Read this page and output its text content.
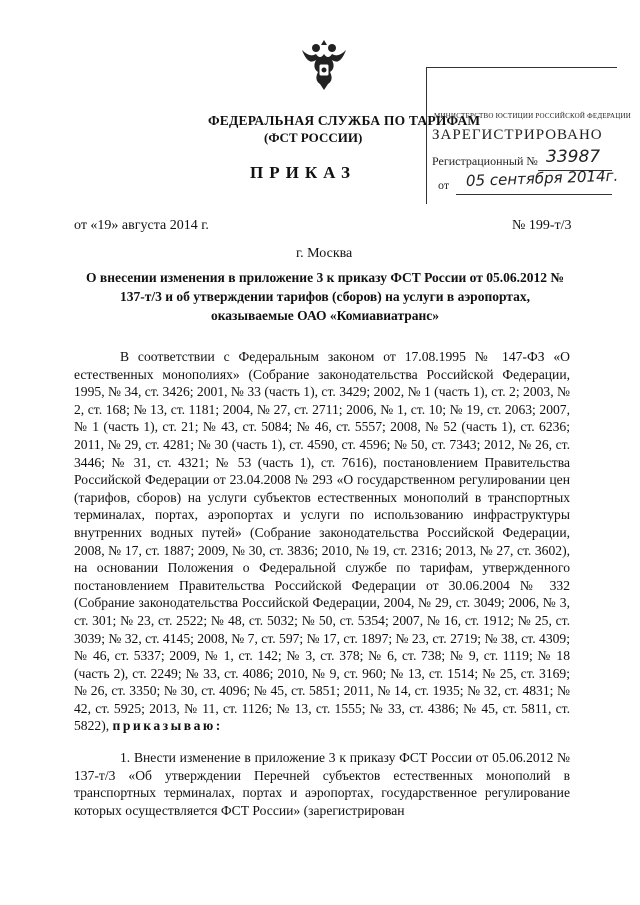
ФЕДЕРАЛЬНАЯ СЛУЖБА ПО ТАРИФАМ
(ФСТ РОССИИ)
ПРИКАЗ
МИНИСТЕРСТВО ЮСТИЦИИ РОССИЙСКОЙ ФЕДЕРАЦИИ
ЗАРЕГИСТРИРОВАНО
Регистрационный № 33987
от 05 сентября 2014г.
от «19» августа 2014 г.	№ 199-т/3
г. Москва
О внесении изменения в приложение 3 к приказу ФСТ России от 05.06.2012 № 137-т/3 и об утверждении тарифов (сборов) на услуги в аэропортах, оказываемые ОАО «Комиавиатранс»

В соответствии с Федеральным законом от 17.08.1995 № 147-ФЗ «О естественных монополиях» (Собрание законодательства Российской Федерации, 1995, № 34, ст. 3426; 2001, № 33 (часть 1), ст. 3429; 2002, № 1 (часть 1), ст. 2; 2003, № 2, ст. 168; № 13, ст. 1181; 2004, № 27, ст. 2711; 2006, № 1, ст. 10; № 19, ст. 2063; 2007, № 1 (часть 1), ст. 21; № 43, ст. 5084; № 46, ст. 5557; 2008, № 52 (часть 1), ст. 6236; 2011, № 29, ст. 4281; № 30 (часть 1), ст. 4590, ст. 4596; № 50, ст. 7343; 2012, № 26, ст. 3446; № 31, ст. 4321; № 53 (часть 1), ст. 7616), постановлением Правительства Российской Федерации от 23.04.2008 № 293 «О государственном регулировании цен (тарифов, сборов) на услуги субъектов естественных монополий в транспортных терминалах, портах, аэропортах и услуги по использованию инфраструктуры внутренних водных путей» (Собрание законодательства Российской Федерации, 2008, № 17, ст. 1887; 2009, № 30, ст. 3836; 2010, № 19, ст. 2316; 2013, № 27, ст. 3602), на основании Положения о Федеральной службе по тарифам, утвержденного постановлением Правительства Российской Федерации от 30.06.2004 № 332 (Собрание законодательства Российской Федерации, 2004, № 29, ст. 3049; 2006, № 3, ст. 301; № 23, ст. 2522; № 48, ст. 5032; № 50, ст. 5354; 2007, № 16, ст. 1912; № 25, ст. 3039; № 32, ст. 4145; 2008, № 7, ст. 597; № 17, ст. 1897; № 23, ст. 2719; № 38, ст. 4309; № 46, ст. 5337; 2009, № 1, ст. 142; № 3, ст. 378; № 6, ст. 738; № 9, ст. 1119; № 18 (часть 2), ст. 2249; № 33, ст. 4086; 2010, № 9, ст. 960; № 13, ст. 1514; № 25, ст. 3169; № 26, ст. 3350; № 30, ст. 4096; № 45, ст. 5851; 2011, № 14, ст. 1935; № 32, ст. 4831; № 42, ст. 5925; 2013, № 11, ст. 1126; № 13, ст. 1555; № 33, ст. 4386; № 45, ст. 5811, ст. 5822), приказываю:

1. Внести изменение в приложение 3 к приказу ФСТ России от 05.06.2012 № 137-т/3 «Об утверждении Перечней субъектов естественных монополий в транспортных терминалах, портах и аэропортах, государственное регулирование которых осуществляется ФСТ России» (зарегистрирован
